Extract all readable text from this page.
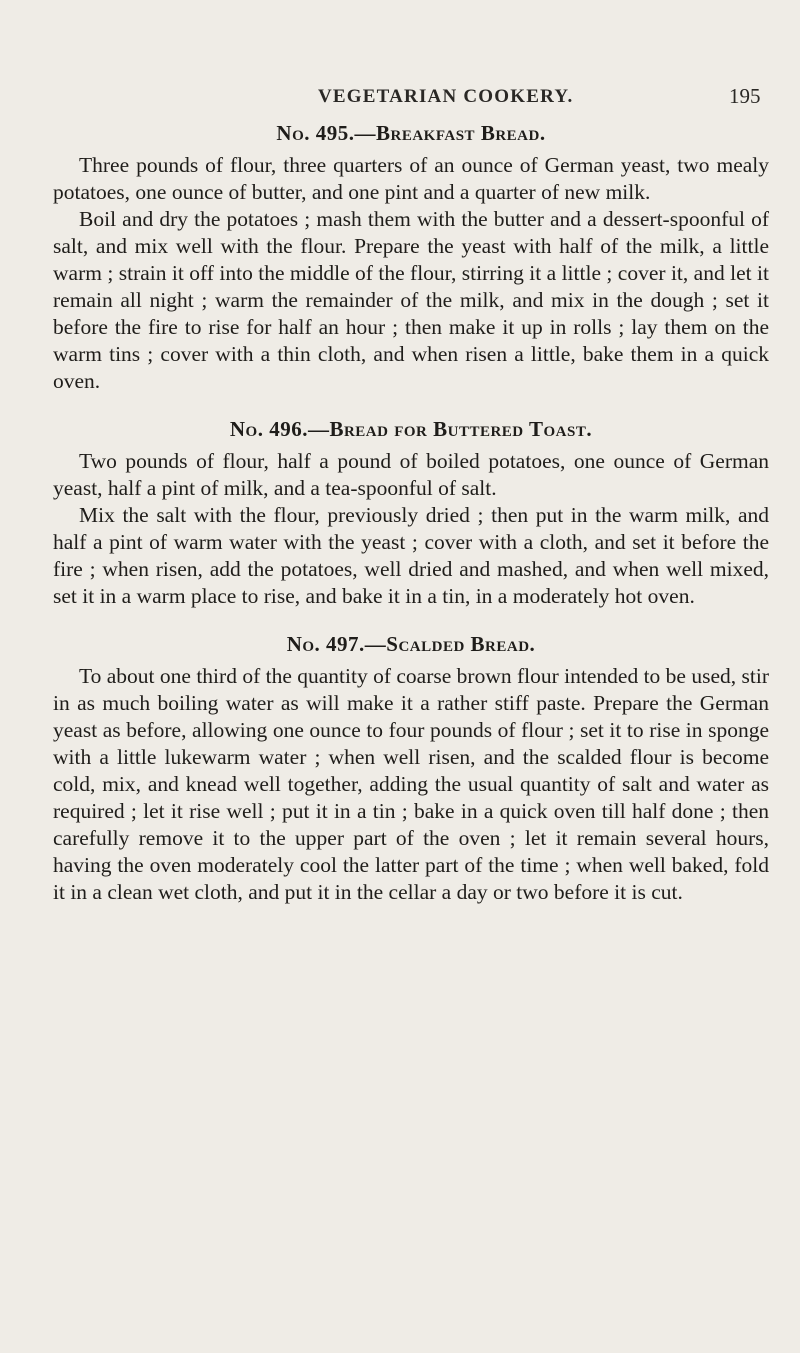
VEGETARIAN COOKERY.	195
No. 495.—Breakfast Bread.

Three pounds of flour, three quarters of an ounce of German yeast, two mealy potatoes, one ounce of butter, and one pint and a quarter of new milk.

Boil and dry the potatoes ; mash them with the butter and a dessert-spoonful of salt, and mix well with the flour. Prepare the yeast with half of the milk, a little warm ; strain it off into the middle of the flour, stirring it a little ; cover it, and let it remain all night ; warm the remainder of the milk, and mix in the dough ; set it before the fire to rise for half an hour ; then make it up in rolls ; lay them on the warm tins ; cover with a thin cloth, and when risen a little, bake them in a quick oven.

No. 496.—Bread for Buttered Toast.

Two pounds of flour, half a pound of boiled potatoes, one ounce of German yeast, half a pint of milk, and a tea-spoonful of salt.

Mix the salt with the flour, previously dried ; then put in the warm milk, and half a pint of warm water with the yeast ; cover with a cloth, and set it before the fire ; when risen, add the potatoes, well dried and mashed, and when well mixed, set it in a warm place to rise, and bake it in a tin, in a moderately hot oven.

No. 497.—Scalded Bread.

To about one third of the quantity of coarse brown flour intended to be used, stir in as much boiling water as will make it a rather stiff paste. Prepare the German yeast as before, allowing one ounce to four pounds of flour ; set it to rise in sponge with a little lukewarm water ; when well risen, and the scalded flour is become cold, mix, and knead well together, adding the usual quantity of salt and water as required ; let it rise well ; put it in a tin ; bake in a quick oven till half done ; then carefully remove it to the upper part of the oven ; let it remain several hours, having the oven moderately cool the latter part of the time ; when well baked, fold it in a clean wet cloth, and put it in the cellar a day or two before it is cut.
